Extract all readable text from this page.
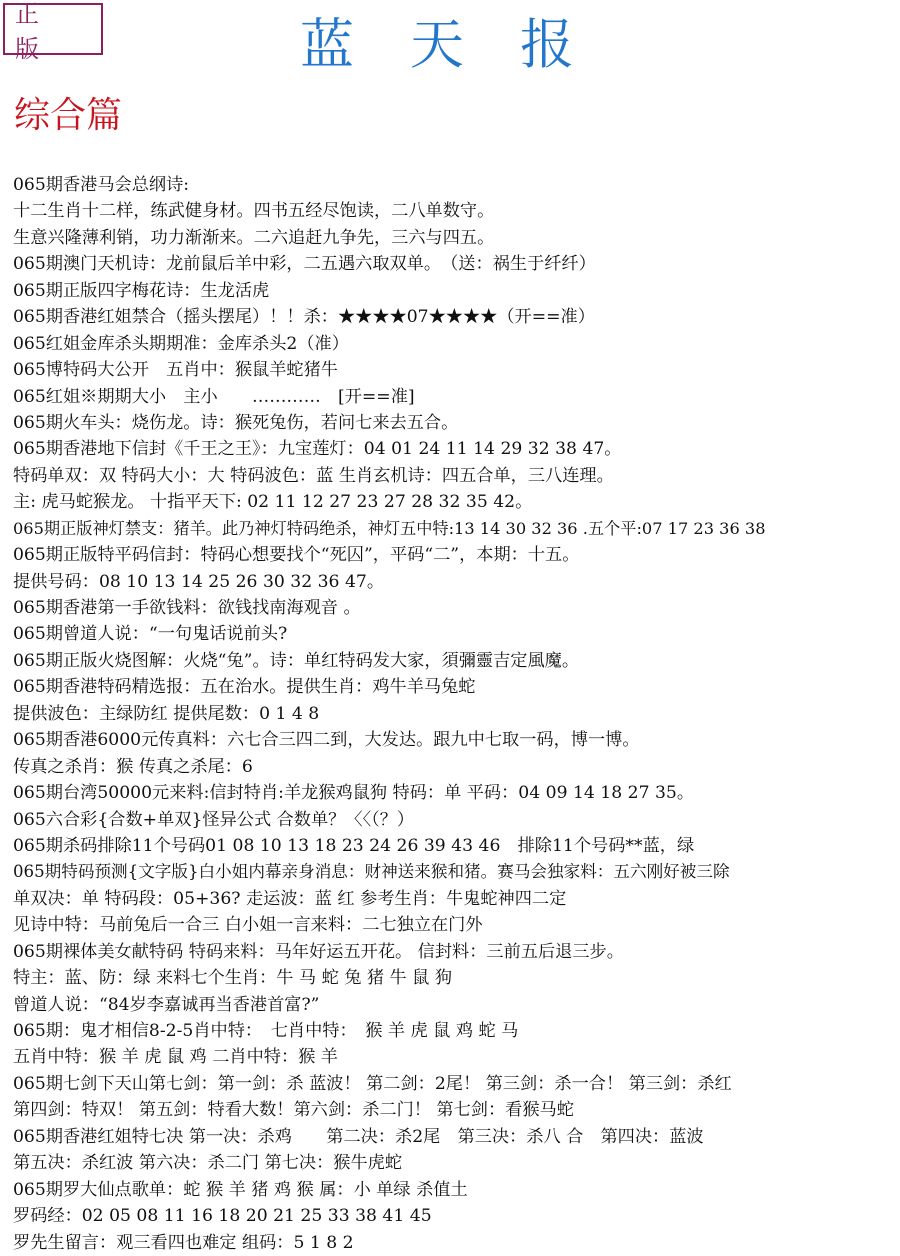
正 版	蓝天报
综合篇
065期香港马会总纲诗:
十二生肖十二样，练武健身材。四书五经尽饱读，二八单数守。
生意兴隆薄利销，功力渐渐来。二六追赶九争先，三六与四五。
065期澳门天机诗：龙前鼠后羊中彩，二五遇六取双单。　（送：祸生于纤纤）
065期正版四字梅花诗：生龙活虎
065期香港红姐禁合（摇头摆尾）！！杀：★★★★07★★★★（开==准）
065红姐金库杀头期期准：金库杀头2（准）
065博特码大公开　五肖中：猴鼠羊蛇猪牛
065红姐※期期大小　主小　　…………　[开==准]
065期火车头：烧伤龙。诗：猴死兔伤，若问七来去五合。
065期香港地下信封《千王之王》：九宝莲灯：04 01 24 11 14 29 32 38 47。
特码单双：双 特码大小：大 特码波色：蓝 生肖玄机诗：四五合单，三八连理。
主: 虎马蛇猴龙。 十指平天下: 02 11 12 27 23 27 28 32 35 42。
065期正版神灯禁支：猪羊。此乃神灯特码绝杀，神灯五中特:13 14 30 32 36 .五个平:07 17 23 36 38
065期正版特平码信封：特码心想要找个“死囚”，平码“二”，本期：十五。
提供号码：08 10 13 14 25 26 30 32 36 47。
065期香港第一手欲钱料：欲钱找南海观音 。
065期曾道人说：“一句鬼话说前头?
065期正版火烧图解：火烧“兔”。诗：单红特码发大家，須彌靈吉定風魔。
065期香港特码精选报：五在治水。提供生肖：鸡牛羊马兔蛇
提供波色：主绿防红 提供尾数：0 1 4 8
065期香港6000元传真料：六七合三四二到，大发达。跟九中七取一码，博一博。
传真之杀肖：猴 传真之杀尾：6
065期台湾50000元来料:信封特肖:羊龙猴鸡鼠狗 特码：单 平码：04 09 14 18 27 35。
065六合彩{合数+单双}怪异公式 合数单？〈〈（？）
065期杀码排除11个号码01 08 10 13 18 23 24 26 39 43 46　排除11个号码**蓝，绿
065期特码预测{文字版}白小姐内幕亲身消息：财神送来猴和猪。赛马会独家料：五六刚好被三除
单双决：单 特码段：05+36? 走运波：蓝 红 参考生肖：牛鬼蛇神四二定
见诗中特：马前兔后一合三 白小姐一言来料：二七独立在门外
065期裸体美女献特码 特码来料：马年好运五开花。 信封料：三前五后退三步。
特主：蓝、防：绿 来料七个生肖：牛 马 蛇 兔 猪 牛 鼠 狗
曾道人说：“84岁李嘉诚再当香港首富?”
065期：鬼才相信8-2-5肖中特：　七肖中特：　猴 羊 虎 鼠 鸡 蛇 马
五肖中特：猴 羊 虎 鼠 鸡 二肖中特：猴 羊
065期七剑下天山第七剑：第一剑：杀 蓝波！ 第二剑：2尾！ 第三剑：杀一合！ 第三剑：杀红
第四剑：特双！ 第五剑：特看大数！第六剑：杀二门！ 第七剑：看猴马蛇
065期香港红姐特七决 第一决：杀鸡　　第二决：杀2尾　第三决：杀八 合　第四决：蓝波
第五决：杀红波 第六决：杀二门 第七决：猴牛虎蛇
065期罗大仙点歌单：蛇 猴 羊 猪 鸡 猴 属：小 单绿 杀值土
罗码经：02 05 08 11 16 18 20 21 25 33 38 41 45
罗先生留言：观三看四也难定 组码：5 1 8 2
